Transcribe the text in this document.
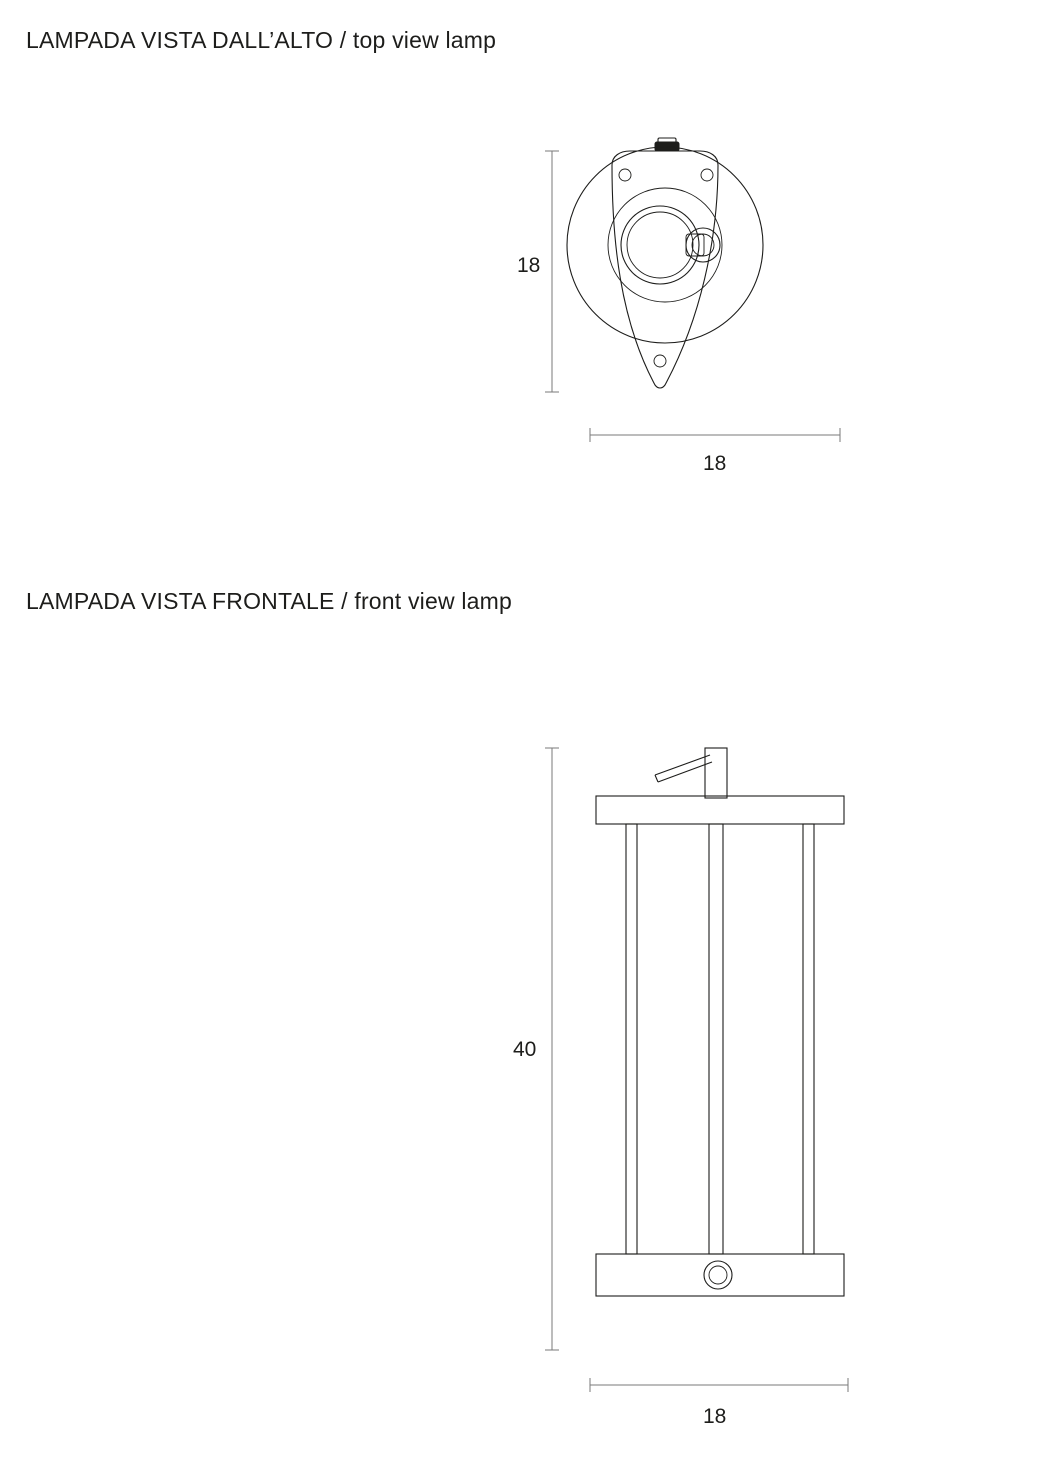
LAMPADA VISTA DALL’ALTO / top view lamp
18
18
LAMPADA VISTA FRONTALE / front view lamp
40
18
